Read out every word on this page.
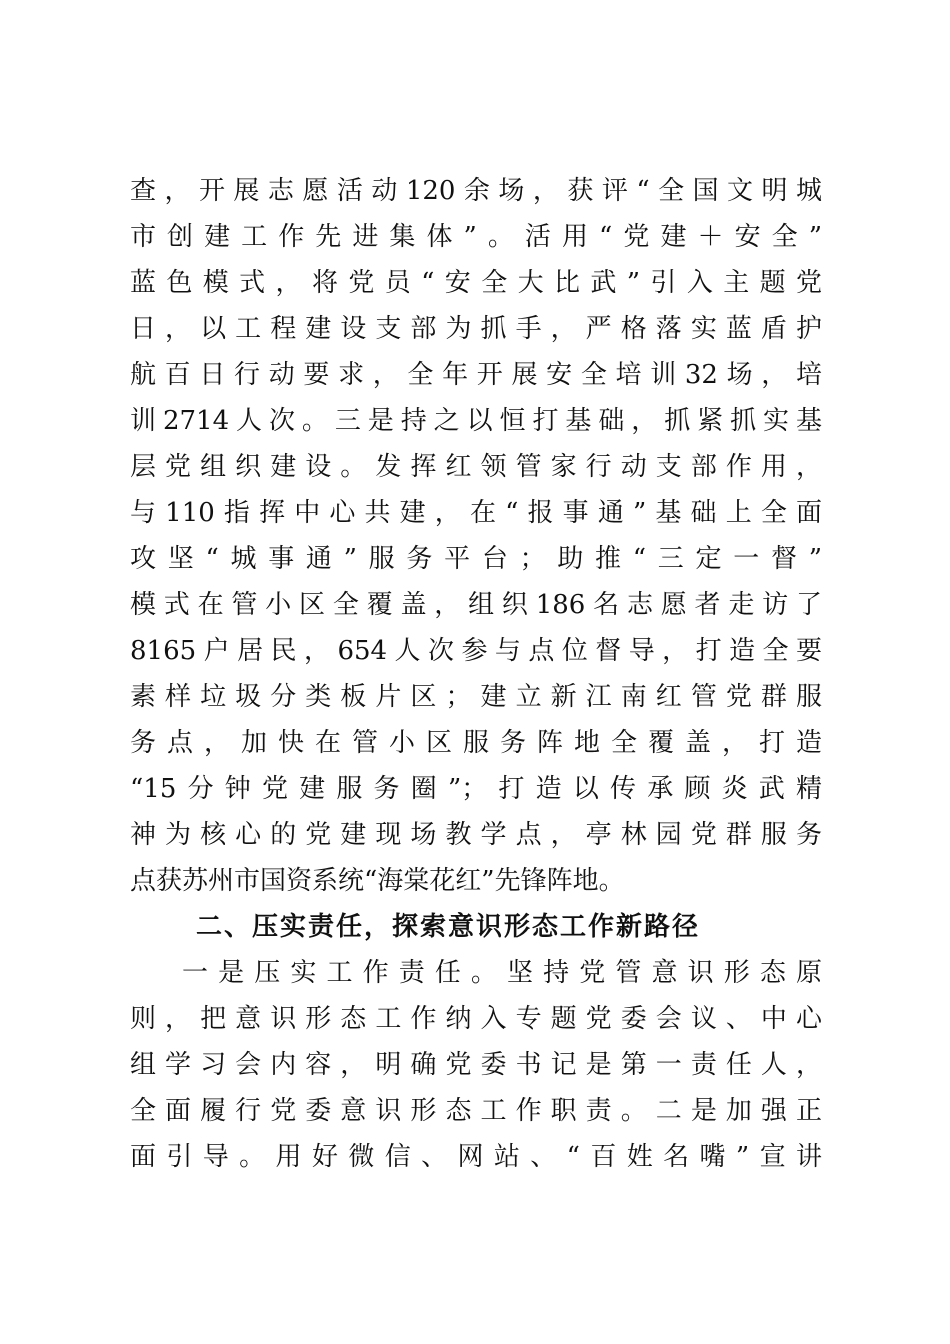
查，开展志愿活动120余场，获评“全国文明城
市创建工作先进集体”。活用“党建＋安全”
蓝色模式，将党员“安全大比武”引入主题党
日，以工程建设支部为抓手，严格落实蓝盾护
航百日行动要求，全年开展安全培训32场，培
训2714人次。三是持之以恒打基础，抓紧抓实基
层党组织建设。发挥红领管家行动支部作用，
与110指挥中心共建，在“报事通”基础上全面
攻坚“城事通”服务平台；助推“三定一督”
模式在管小区全覆盖，组织186名志愿者走访了
8165户居民，654人次参与点位督导，打造全要
素样垃圾分类板片区；建立新江南红管党群服
务点，加快在管小区服务阵地全覆盖，打造
“15分钟党建服务圈”；打造以传承顾炎武精
神为核心的党建现场教学点，亭林园党群服务
点获苏州市国资系统“海棠花红”先锋阵地。
二、压实责任，探索意识形态工作新路径
一是压实工作责任。坚持党管意识形态原
则，把意识形态工作纳入专题党委会议、中心
组学习会内容，明确党委书记是第一责任人，
全面履行党委意识形态工作职责。二是加强正
面引导。用好微信、网站、“百姓名嘴”宣讲
